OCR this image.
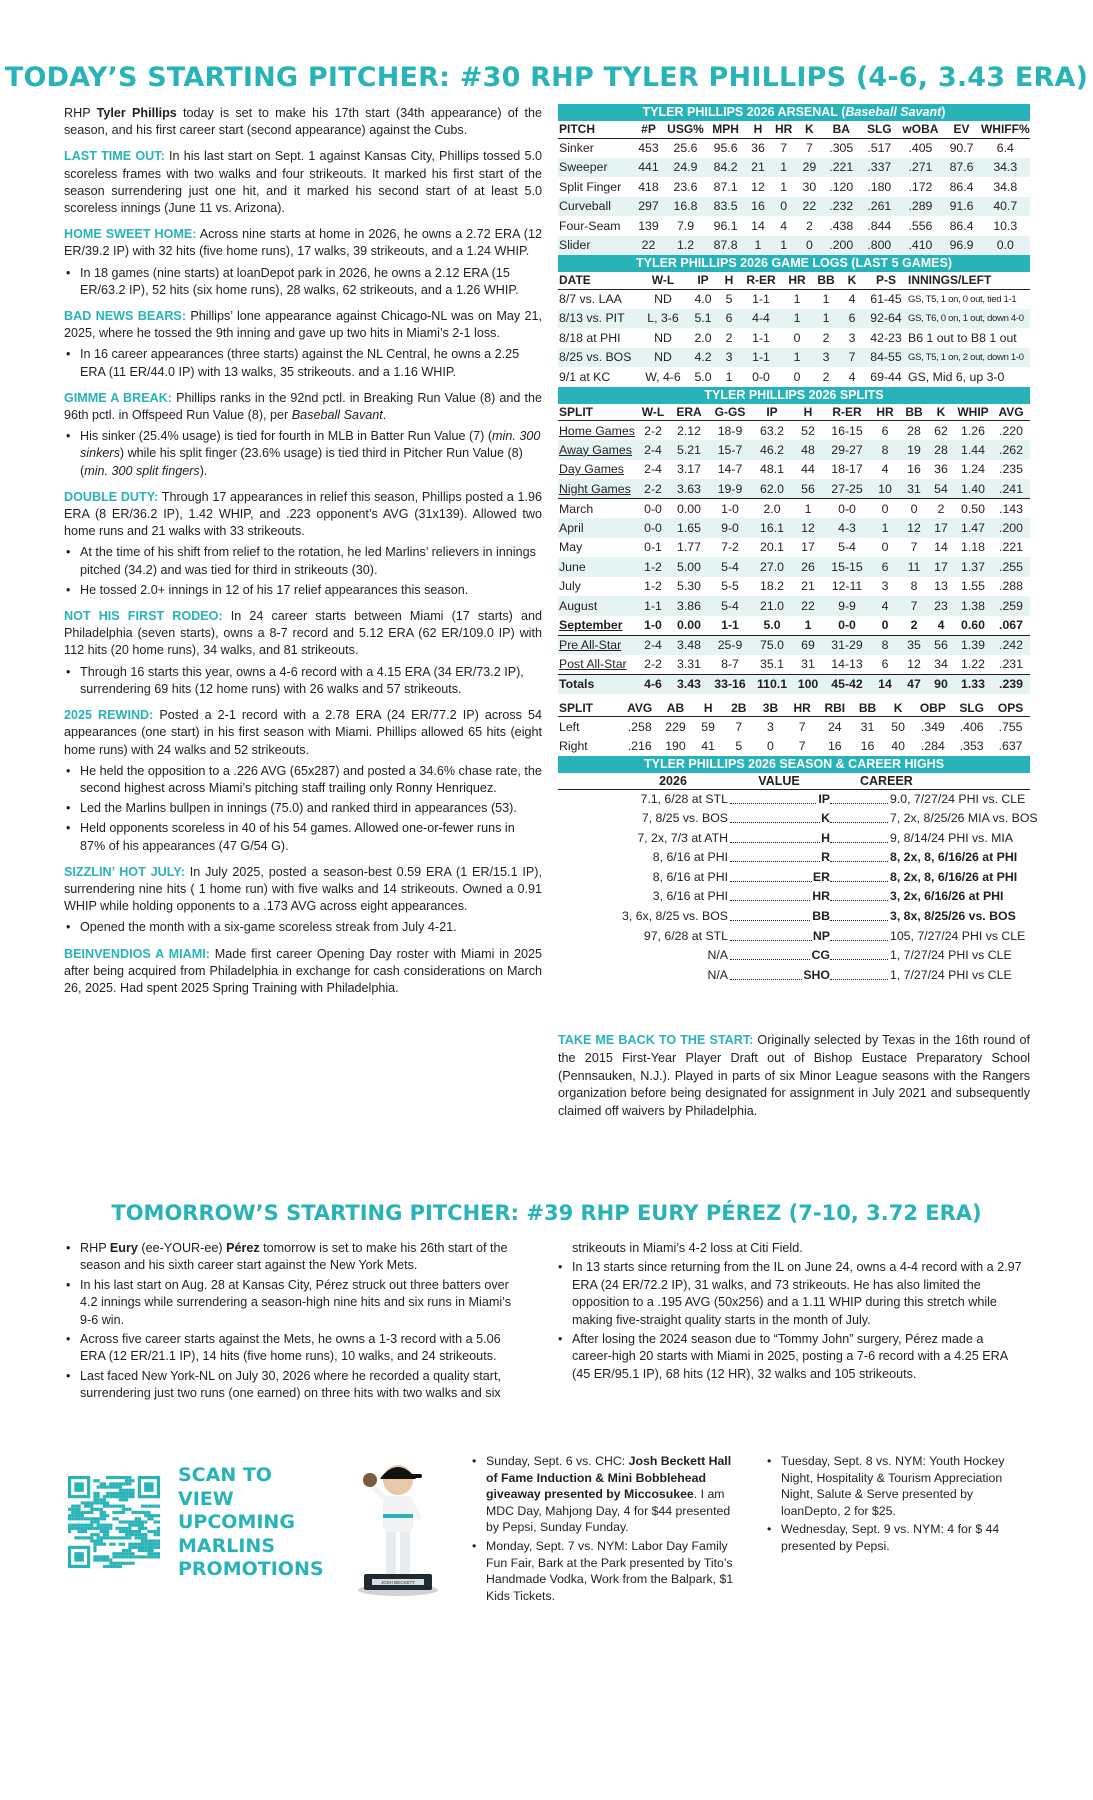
TODAY’S STARTING PITCHER: #30 RHP TYLER PHILLIPS (4-6, 3.43 ERA)

RHP Tyler Phillips today is set to make his 17th start (34th appearance) of the season, and his first career start (second appearance) against the Cubs.

LAST TIME OUT: In his last start on Sept. 1 against Kansas City, Phillips tossed 5.0 scoreless frames with two walks and four strikeouts. It marked his first start of the season surrendering just one hit, and it marked his second start of at least 5.0 scoreless innings (June 11 vs. Arizona).

HOME SWEET HOME: Across nine starts at home in 2026, he owns a 2.72 ERA (12 ER/39.2 IP) with 32 hits (five home runs), 17 walks, 39 strikeouts, and a 1.24 WHIP.

• In 18 games (nine starts) at loanDepot park in 2026, he owns a 2.12 ERA (15 ER/63.2 IP), 52 hits (six home runs), 28 walks, 62 strikeouts, and a 1.26 WHIP.

BAD NEWS BEARS: Phillips’ lone appearance against Chicago-NL was on May 21, 2025, where he tossed the 9th inning and gave up two hits in Miami’s 2-1 loss.

• In 16 career appearances (three starts) against the NL Central, he owns a 2.25 ERA (11 ER/44.0 IP) with 13 walks, 35 strikeouts. and a 1.16 WHIP.

GIMME A BREAK: Phillips ranks in the 92nd pctl. in Breaking Run Value (8) and the 96th pctl. in Offspeed Run Value (8), per Baseball Savant.

• His sinker (25.4% usage) is tied for fourth in MLB in Batter Run Value (7) (min. 300 sinkers) while his split finger (23.6% usage) is tied third in Pitcher Run Value (8) (min. 300 split fingers).

DOUBLE DUTY: Through 17 appearances in relief this season, Phillips posted a 1.96 ERA (8 ER/36.2 IP), 1.42 WHIP, and .223 opponent’s AVG (31x139). Allowed two home runs and 21 walks with 33 strikeouts.

• At the time of his shift from relief to the rotation, he led Marlins’ relievers in innings pitched (34.2) and was tied for third in strikeouts (30).
• He tossed 2.0+ innings in 12 of his 17 relief appearances this season.

NOT HIS FIRST RODEO: In 24 career starts between Miami (17 starts) and Philadelphia (seven starts), owns a 8-7 record and 5.12 ERA (62 ER/109.0 IP) with 112 hits (20 home runs), 34 walks, and 81 strikeouts.

• Through 16 starts this year, owns a 4-6 record with a 4.15 ERA (34 ER/73.2 IP), surrendering 69 hits (12 home runs) with 26 walks and 57 strikeouts.

2025 REWIND: Posted a 2-1 record with a 2.78 ERA (24 ER/77.2 IP) across 54 appearances (one start) in his first season with Miami. Phillips allowed 65 hits (eight home runs) with 24 walks and 52 strikeouts.

• He held the opposition to a .226 AVG (65x287) and posted a 34.6% chase rate, the second highest across Miami’s pitching staff trailing only Ronny Henriquez.
• Led the Marlins bullpen in innings (75.0) and ranked third in appearances (53).
• Held opponents scoreless in 40 of his 54 games. Allowed one-or-fewer runs in 87% of his appearances (47 G/54 G).

SIZZLIN’ HOT JULY: In July 2025, posted a season-best 0.59 ERA (1 ER/15.1 IP), surrendering nine hits ( 1 home run) with five walks and 14 strikeouts. Owned a 0.91 WHIP while holding opponents to a .173 AVG across eight appearances.

• Opened the month with a six-game scoreless streak from July 4-21.

BEINVENDIOS A MIAMI: Made first career Opening Day roster with Miami in 2025 after being acquired from Philadelphia in exchange for cash considerations on March 26, 2025. Had spent 2025 Spring Training with Philadelphia.

TYLER PHILLIPS 2026 ARSENAL (Baseball Savant)
PITCH	#P	USG%	MPH	H	HR	K	BA	SLG	wOBA	EV	WHIFF%
Sinker	453	25.6	95.6	36	7	7	.305	.517	.405	90.7	6.4
Sweeper	441	24.9	84.2	21	1	29	.221	.337	.271	87.6	34.3
Split Finger	418	23.6	87.1	12	1	30	.120	.180	.172	86.4	34.8
Curveball	297	16.8	83.5	16	0	22	.232	.261	.289	91.6	40.7
Four-Seam	139	7.9	96.1	14	4	2	.438	.844	.556	86.4	10.3
Slider	22	1.2	87.8	1	1	0	.200	.800	.410	96.9	0.0
TYLER PHILLIPS 2026 GAME LOGS (LAST 5 GAMES)
DATE	W-L	IP	H	R-ER	HR	BB	K	P-S	INNINGS/LEFT
8/7 vs. LAA	ND	4.0	5	1-1	1	1	4	61-45	GS, T5, 1 on, 0 out, tied 1-1
8/13 vs. PIT	L, 3-6	5.1	6	4-4	1	1	6	92-64	GS, T6, 0 on, 1 out, down 4-0
8/18 at PHI	ND	2.0	2	1-1	0	2	3	42-23	B6 1 out to B8 1 out
8/25 vs. BOS	ND	4.2	3	1-1	1	3	7	84-55	GS, T5, 1 on, 2 out, down 1-0
9/1 at KC	W, 4-6	5.0	1	0-0	0	2	4	69-44	GS, Mid 6, up 3-0
TYLER PHILLIPS 2026 SPLITS
SPLIT	W-L	ERA	G-GS	IP	H	R-ER	HR	BB	K	WHIP	AVG
Home Games	2-2	2.12	18-9	63.2	52	16-15	6	28	62	1.26	.220
Away Games	2-4	5.21	15-7	46.2	48	29-27	8	19	28	1.44	.262
Day Games	2-4	3.17	14-7	48.1	44	18-17	4	16	36	1.24	.235
Night Games	2-2	3.63	19-9	62.0	56	27-25	10	31	54	1.40	.241
March	0-0	0.00	1-0	2.0	1	0-0	0	0	2	0.50	.143
April	0-0	1.65	9-0	16.1	12	4-3	1	12	17	1.47	.200
May	0-1	1.77	7-2	20.1	17	5-4	0	7	14	1.18	.221
June	1-2	5.00	5-4	27.0	26	15-15	6	11	17	1.37	.255
July	1-2	5.30	5-5	18.2	21	12-11	3	8	13	1.55	.288
August	1-1	3.86	5-4	21.0	22	9-9	4	7	23	1.38	.259
September	1-0	0.00	1-1	5.0	1	0-0	0	2	4	0.60	.067
Pre All-Star	2-4	3.48	25-9	75.0	69	31-29	8	35	56	1.39	.242
Post All-Star	2-2	3.31	8-7	35.1	31	14-13	6	12	34	1.22	.231
Totals	4-6	3.43	33-16	110.1	100	45-42	14	47	90	1.33	.239
SPLIT	AVG	AB	H	2B	3B	HR	RBI	BB	K	OBP	SLG	OPS
Left	.258	229	59	7	3	7	24	31	50	.349	.406	.755
Right	.216	190	41	5	0	7	16	16	40	.284	.353	.637
TYLER PHILLIPS 2026 SEASON & CAREER HIGHS
2026	VALUE	CAREER
7.1, 6/28 at STL	IP	9.0, 7/27/24 PHI vs. CLE
7, 8/25 vs. BOS	K	7, 2x, 8/25/26 MIA vs. BOS
7, 2x, 7/3 at ATH	H	9, 8/14/24 PHI vs. MIA
8, 6/16 at PHI	R	8, 2x, 8, 6/16/26 at PHI
8, 6/16 at PHI	ER	8, 2x, 8, 6/16/26 at PHI
3, 6/16 at PHI	HR	3, 2x, 6/16/26 at PHI
3, 6x, 8/25 vs. BOS	BB	3, 8x, 8/25/26 vs. BOS
97, 6/28 at STL	NP	105, 7/27/24 PHI vs CLE
N/A	CG	1, 7/27/24 PHI vs CLE
N/A	SHO	1, 7/27/24 PHI vs CLE
TAKE ME BACK TO THE START: Originally selected by Texas in the 16th round of the 2015 First-Year Player Draft out of Bishop Eustace Preparatory School (Pennsauken, N.J.). Played in parts of six Minor League seasons with the Rangers organization before being designated for assignment in July 2021 and subsequently claimed off waivers by Philadelphia.
TOMORROW’S STARTING PITCHER: #39 RHP EURY PÉREZ (7-10, 3.72 ERA)
• RHP Eury (ee-YOUR-ee) Pérez tomorrow is set to make his 26th start of the season and his sixth career start against the New York Mets.
• In his last start on Aug. 28 at Kansas City, Pérez struck out three batters over 4.2 innings while surrendering a season-high nine hits and six runs in Miami’s 9-6 win.
• Across five career starts against the Mets, he owns a 1-3 record with a 5.06 ERA (12 ER/21.1 IP), 14 hits (five home runs), 10 walks, and 24 strikeouts.
• Last faced New York-NL on July 30, 2026 where he recorded a quality start, surrendering just two runs (one earned) on three hits with two walks and six
strikeouts in Miami’s 4-2 loss at Citi Field.
• In 13 starts since returning from the IL on June 24, owns a 4-4 record with a 2.97 ERA (24 ER/72.2 IP), 31 walks, and 73 strikeouts. He has also limited the opposition to a .195 AVG (50x256) and a 1.11 WHIP during this stretch while making five-straight quality starts in the month of July.
• After losing the 2024 season due to “Tommy John” surgery, Pérez made a career-high 20 starts with Miami in 2025, posting a 7-6 record with a 4.25 ERA (45 ER/95.1 IP), 68 hits (12 HR), 32 walks and 105 strikeouts.
SCAN TO VIEW
UPCOMING
MARLINS
PROMOTIONS
JOSH BECKETT
• Sunday, Sept. 6 vs. CHC: Josh Beckett Hall of Fame Induction & Mini Bobblehead giveaway presented by Miccosukee. I am MDC Day, Mahjong Day, 4 for $44 presented by Pepsi, Sunday Funday.
• Monday, Sept. 7 vs. NYM: Labor Day Family Fun Fair, Bark at the Park presented by Tito’s Handmade Vodka, Work from the Balpark, $1 Kids Tickets.
• Tuesday, Sept. 8 vs. NYM: Youth Hockey Night, Hospitality & Tourism Appreciation Night, Salute & Serve presented by loanDepto, 2 for $25.
• Wednesday, Sept. 9 vs. NYM: 4 for $ 44 presented by Pepsi.
